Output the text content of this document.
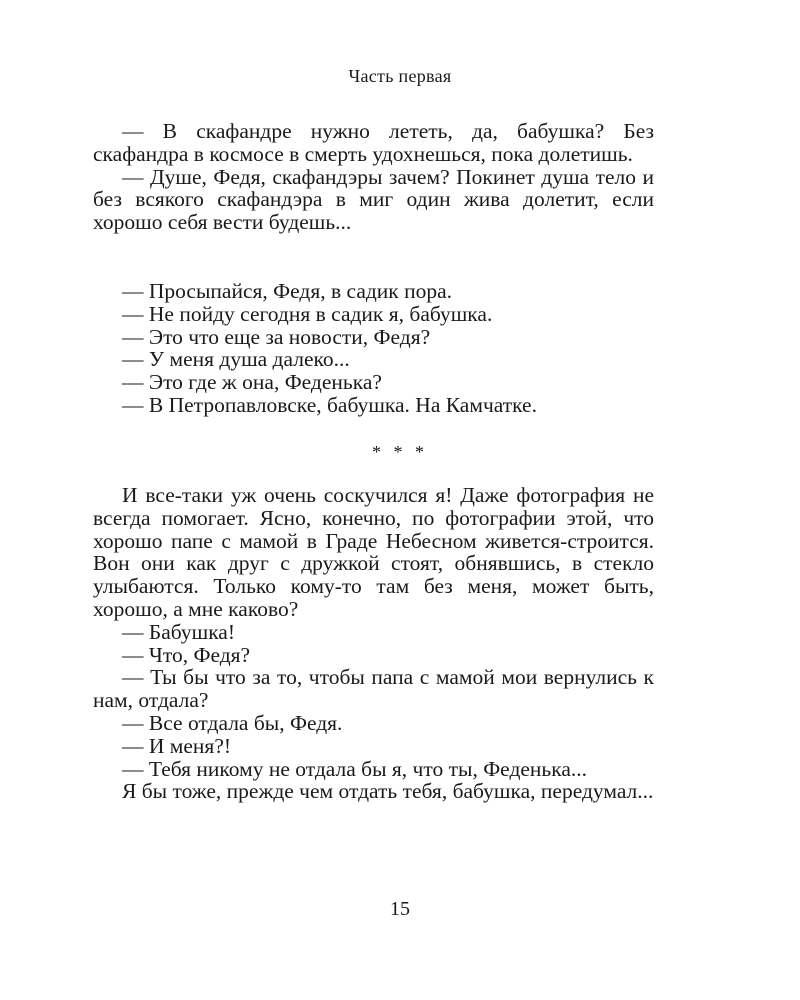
Часть первая

— В скафандре нужно лететь, да, бабушка? Без скафандра в космосе в смерть удохнешься, пока долетишь.

— Душе, Федя, скафандэры зачем? Покинет душа тело и без всякого скафандэра в миг один жива долетит, если хорошо себя вести будешь...

— Просыпайся, Федя, в садик пора.

— Не пойду сегодня в садик я, бабушка.

— Это что еще за новости, Федя?

— У меня душа далеко...

— Это где ж она, Феденька?

— В Петропавловске, бабушка. На Камчатке.

* * *

И все-таки уж очень соскучился я! Даже фотография не всегда помогает. Ясно, конечно, по фотографии этой, что хорошо папе с мамой в Граде Небесном живется-строится. Вон они как друг с дружкой стоят, обнявшись, в стекло улыбаются. Только кому-то там без меня, может быть, хорошо, а мне каково?

— Бабушка!

— Что, Федя?

— Ты бы что за то, чтобы папа с мамой мои вернулись к нам, отдала?

— Все отдала бы, Федя.

— И меня?!

— Тебя никому не отдала бы я, что ты, Феденька...

Я бы тоже, прежде чем отдать тебя, бабушка, передумал...

15
